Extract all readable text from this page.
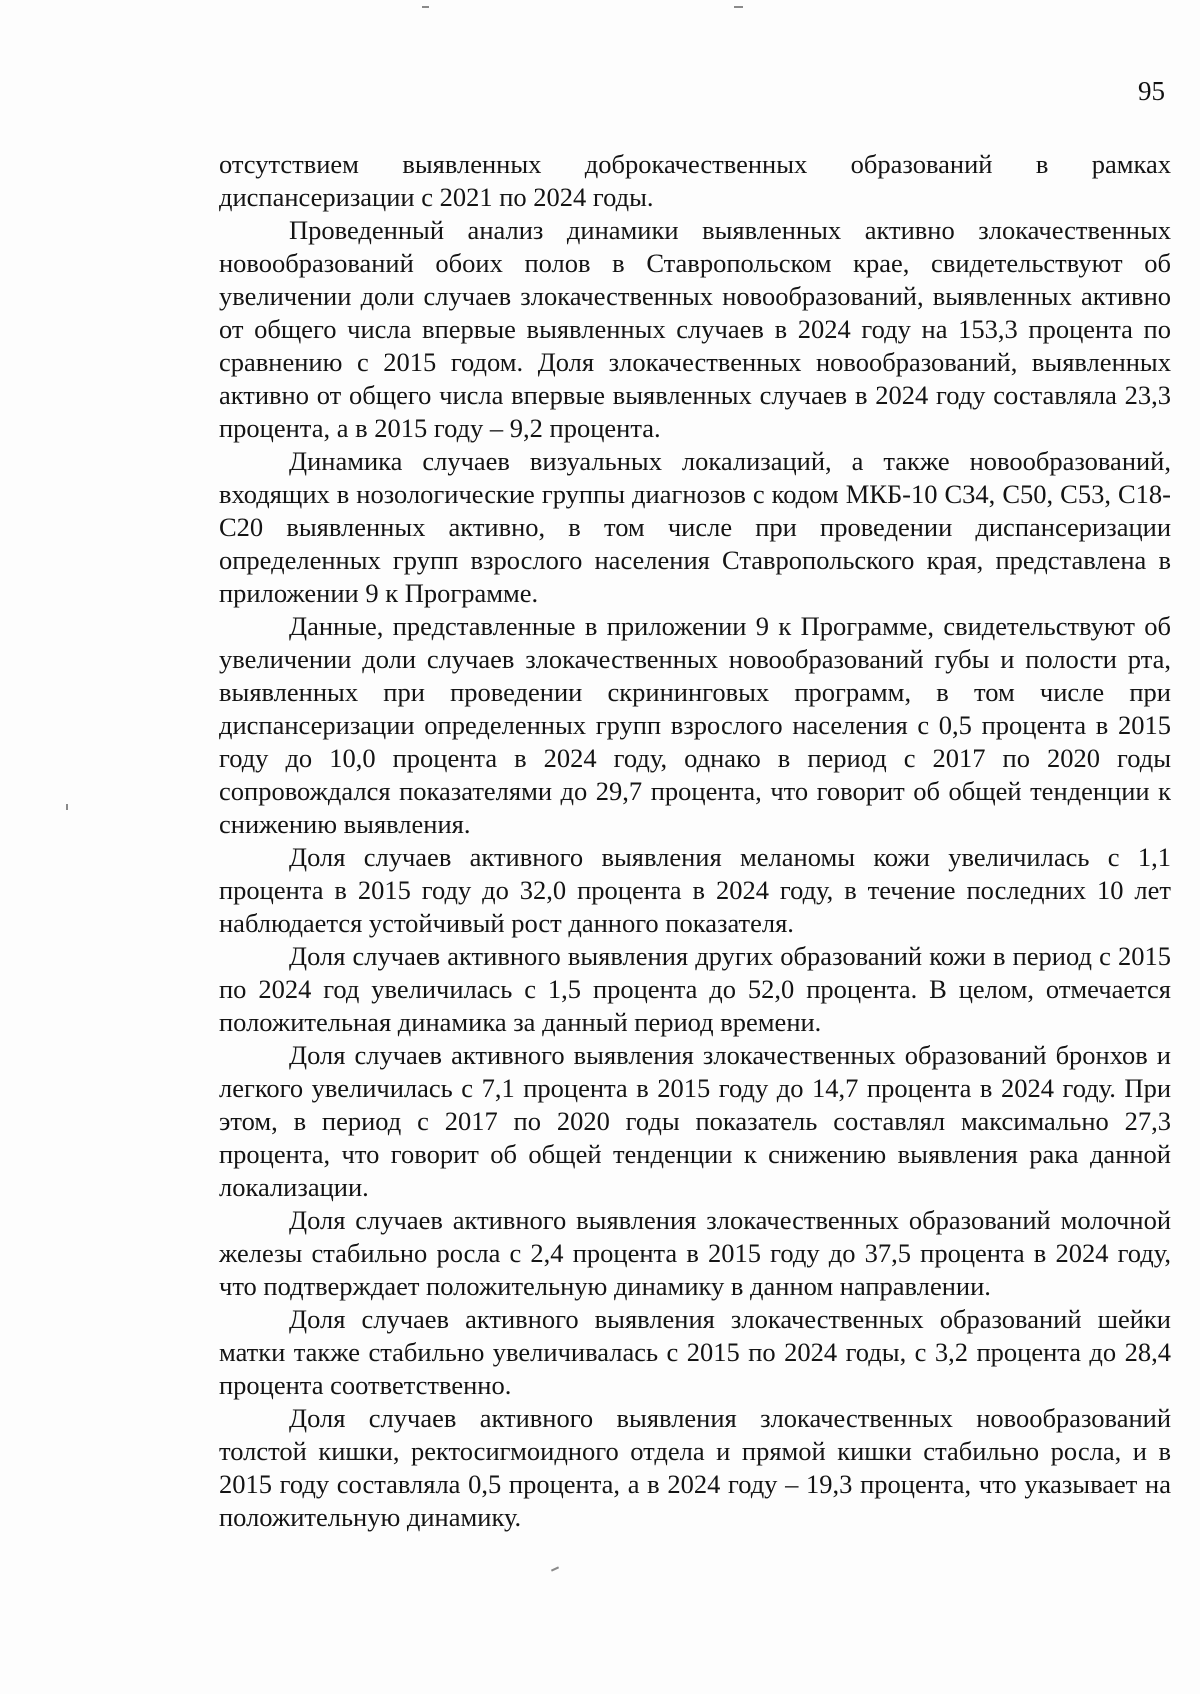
95

отсутствием выявленных доброкачественных образований в рамках диспансеризации с 2021 по 2024 годы.

Проведенный анализ динамики выявленных активно злокачественных новообразований обоих полов в Ставропольском крае, свидетельствуют об увеличении доли случаев злокачественных новообразований, выявленных активно от общего числа впервые выявленных случаев в 2024 году на 153,3 процента по сравнению с 2015 годом. Доля злокачественных новообразований, выявленных активно от общего числа впервые выявленных случаев в 2024 году составляла 23,3 процента, а в 2015 году – 9,2 процента.

Динамика случаев визуальных локализаций, а также новообразований, входящих в нозологические группы диагнозов с кодом МКБ-10 С34, С50, С53, С18-С20 выявленных активно, в том числе при проведении диспансеризации определенных групп взрослого населения Ставропольского края, представлена в приложении 9 к Программе.

Данные, представленные в приложении 9 к Программе, свидетельствуют об увеличении доли случаев злокачественных новообразований губы и полости рта, выявленных при проведении скрининговых программ, в том числе при диспансеризации определенных групп взрослого населения с 0,5 процента в 2015 году до 10,0 процента в 2024 году, однако в период с 2017 по 2020 годы сопровождался показателями до 29,7 процента, что говорит об общей тенденции к снижению выявления.

Доля случаев активного выявления меланомы кожи увеличилась с 1,1 процента в 2015 году до 32,0 процента в 2024 году, в течение последних 10 лет наблюдается устойчивый рост данного показателя.

Доля случаев активного выявления других образований кожи в период с 2015 по 2024 год увеличилась с 1,5 процента до 52,0 процента. В целом, отмечается положительная динамика за данный период времени.

Доля случаев активного выявления злокачественных образований бронхов и легкого увеличилась с 7,1 процента в 2015 году до 14,7 процента в 2024 году. При этом, в период с 2017 по 2020 годы показатель составлял максимально 27,3 процента, что говорит об общей тенденции к снижению выявления рака данной локализации.

Доля случаев активного выявления злокачественных образований молочной железы стабильно росла с 2,4 процента в 2015 году до 37,5 процента в 2024 году, что подтверждает положительную динамику в данном направлении.

Доля случаев активного выявления злокачественных образований шейки матки также стабильно увеличивалась с 2015 по 2024 годы, с 3,2 процента до 28,4 процента соответственно.

Доля случаев активного выявления злокачественных новообразований толстой кишки, ректосигмоидного отдела и прямой кишки стабильно росла, и в 2015 году составляла 0,5 процента, а в 2024 году – 19,3 процента, что указывает на положительную динамику.
